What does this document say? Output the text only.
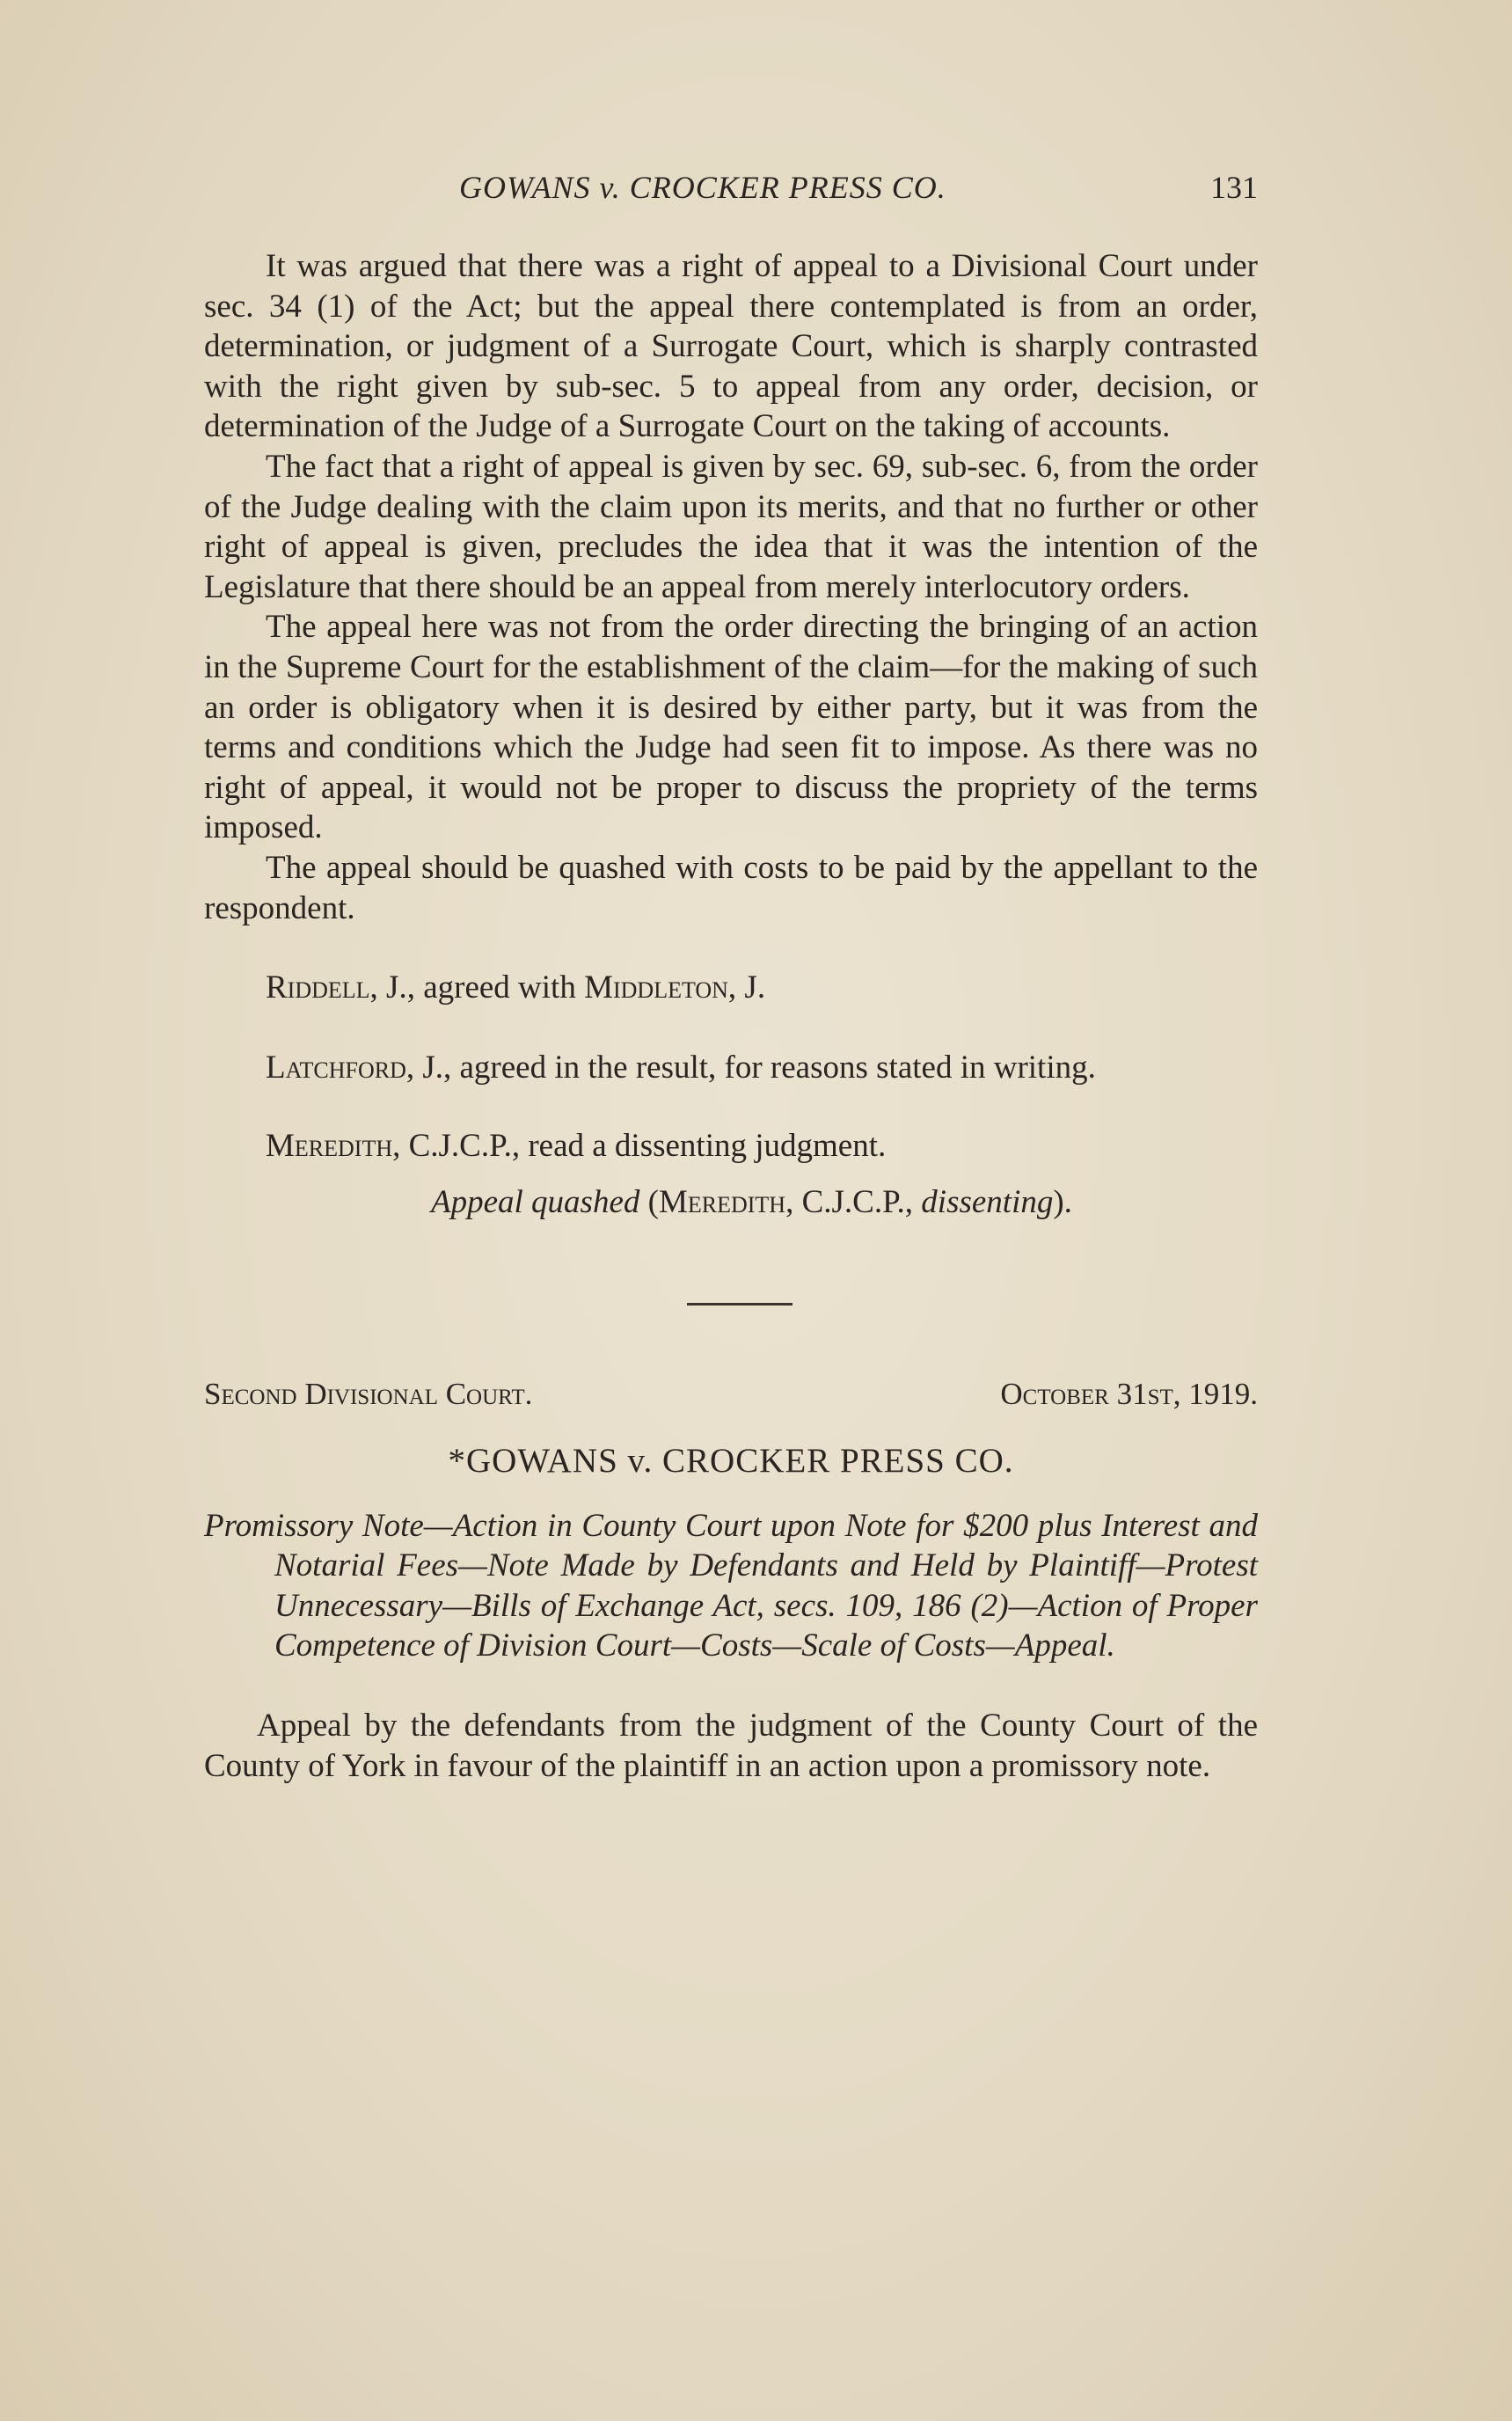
GOWANS v. CROCKER PRESS CO.	131

It was argued that there was a right of appeal to a Divisional Court under sec. 34 (1) of the Act; but the appeal there contemplated is from an order, determination, or judgment of a Surrogate Court, which is sharply contrasted with the right given by sub-sec. 5 to appeal from any order, decision, or determination of the Judge of a Surrogate Court on the taking of accounts.

The fact that a right of appeal is given by sec. 69, sub-sec. 6, from the order of the Judge dealing with the claim upon its merits, and that no further or other right of appeal is given, precludes the idea that it was the intention of the Legislature that there should be an appeal from merely interlocutory orders.

The appeal here was not from the order directing the bringing of an action in the Supreme Court for the establishment of the claim—for the making of such an order is obligatory when it is desired by either party, but it was from the terms and conditions which the Judge had seen fit to impose. As there was no right of appeal, it would not be proper to discuss the propriety of the terms imposed.

The appeal should be quashed with costs to be paid by the appellant to the respondent.

Riddell, J., agreed with Middleton, J.

Latchford, J., agreed in the result, for reasons stated in writing.

Meredith, C.J.C.P., read a dissenting judgment.

Appeal quashed (Meredith, C.J.C.P., dissenting).

Second Divisional Court.	October 31st, 1919.
*GOWANS v. CROCKER PRESS CO.

Promissory Note—Action in County Court upon Note for $200 plus Interest and Notarial Fees—Note Made by Defendants and Held by Plaintiff—Protest Unnecessary—Bills of Exchange Act, secs. 109, 186 (2)—Action of Proper Competence of Division Court—Costs—Scale of Costs—Appeal.

Appeal by the defendants from the judgment of the County Court of the County of York in favour of the plaintiff in an action upon a promissory note.
